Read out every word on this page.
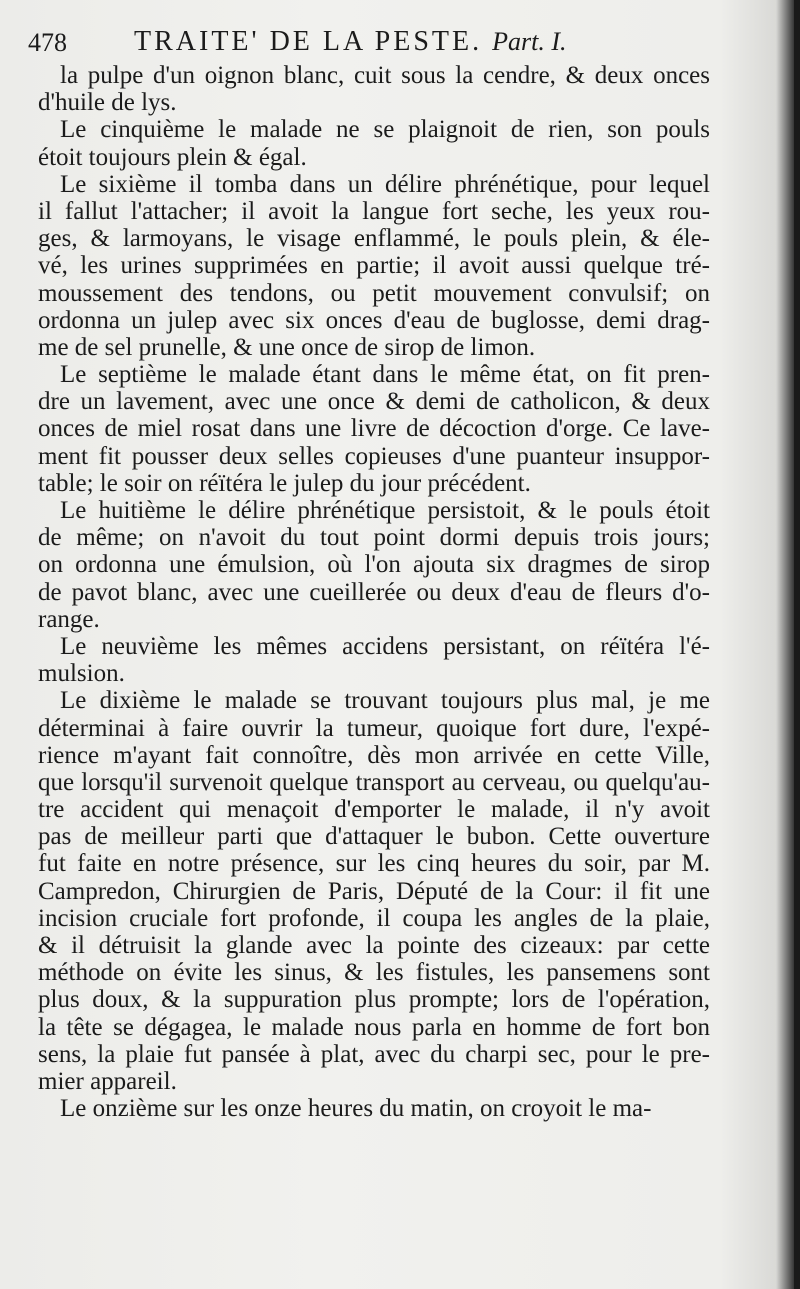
478 TRAITE' DE LA PESTE. Part. I.
la pulpe d'un oignon blanc, cuit sous la cendre, & deux onces
d'huile de lys.
Le cinquième le malade ne se plaignoit de rien, son pouls
étoit toujours plein & égal.
Le sixième il tomba dans un délire phrénétique, pour lequel
il fallut l'attacher; il avoit la langue fort seche, les yeux rou-
ges, & larmoyans, le visage enflammé, le pouls plein, & éle-
vé, les urines supprimées en partie; il avoit aussi quelque tré-
moussement des tendons, ou petit mouvement convulsif; on
ordonna un julep avec six onces d'eau de buglosse, demi drag-
me de sel prunelle, & une once de sirop de limon.
Le septième le malade étant dans le même état, on fit pren-
dre un lavement, avec une once & demi de catholicon, & deux
onces de miel rosat dans une livre de décoction d'orge. Ce lave-
ment fit pousser deux selles copieuses d'une puanteur insuppor-
table; le soir on réïtéra le julep du jour précédent.
Le huitième le délire phrénétique persistoit, & le pouls étoit
de même; on n'avoit du tout point dormi depuis trois jours;
on ordonna une émulsion, où l'on ajouta six dragmes de sirop
de pavot blanc, avec une cueillerée ou deux d'eau de fleurs d'o-
range.
Le neuvième les mêmes accidens persistant, on réïtéra l'é-
mulsion.
Le dixième le malade se trouvant toujours plus mal, je me
déterminai à faire ouvrir la tumeur, quoique fort dure, l'expé-
rience m'ayant fait connoître, dès mon arrivée en cette Ville,
que lorsqu'il survenoit quelque transport au cerveau, ou quelqu'au-
tre accident qui menaçoit d'emporter le malade, il n'y avoit
pas de meilleur parti que d'attaquer le bubon. Cette ouverture
fut faite en notre présence, sur les cinq heures du soir, par M.
Campredon, Chirurgien de Paris, Député de la Cour: il fit une
incision cruciale fort profonde, il coupa les angles de la plaie,
& il détruisit la glande avec la pointe des cizeaux: par cette
méthode on évite les sinus, & les fistules, les pansemens sont
plus doux, & la suppuration plus prompte; lors de l'opération,
la tête se dégagea, le malade nous parla en homme de fort bon
sens, la plaie fut pansée à plat, avec du charpi sec, pour le pre-
mier appareil.
Le onzième sur les onze heures du matin, on croyoit le ma-
